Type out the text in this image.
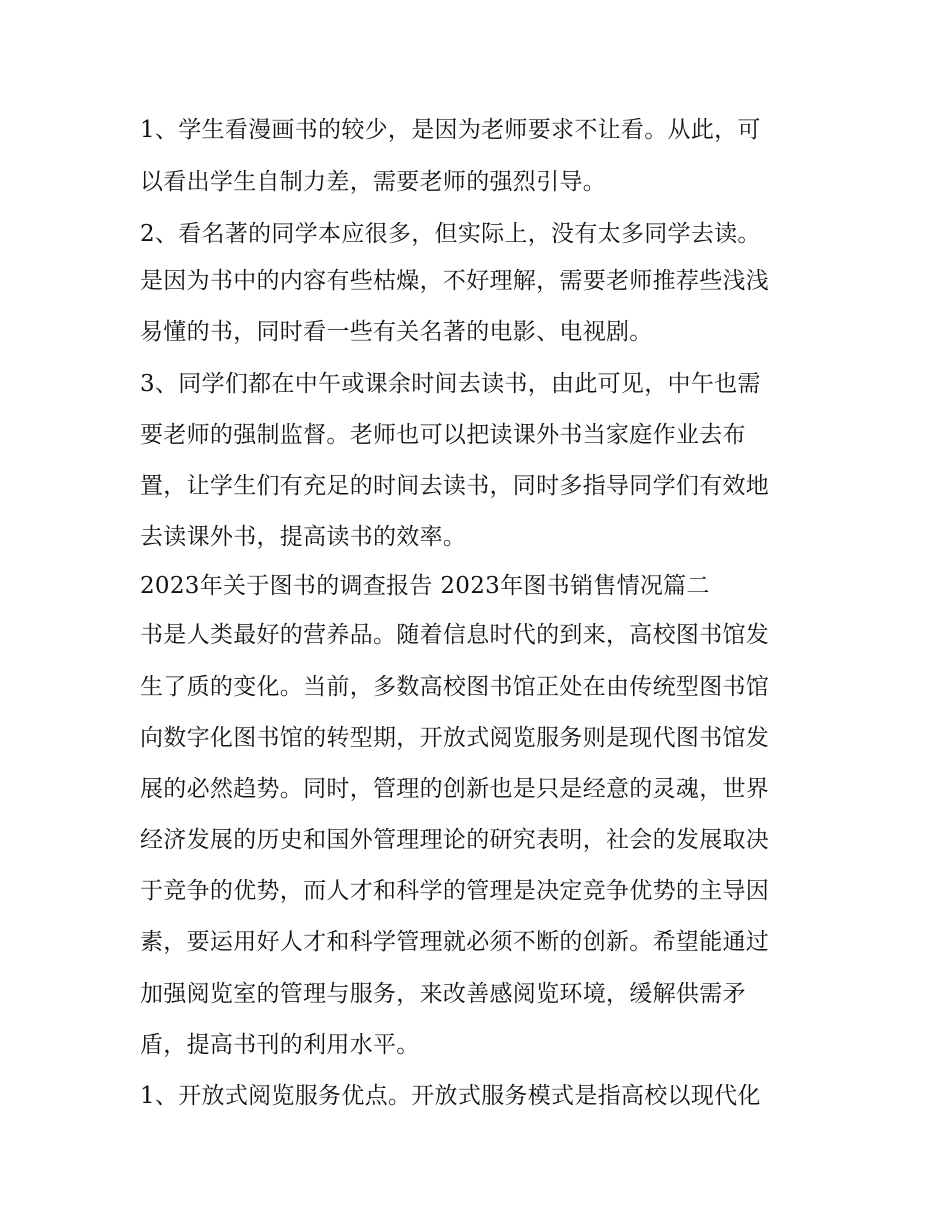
1、学生看漫画书的较少，是因为老师要求不让看。从此，可
以看出学生自制力差，需要老师的强烈引导。
2、看名著的同学本应很多，但实际上，没有太多同学去读。
是因为书中的内容有些枯燥，不好理解，需要老师推荐些浅浅
易懂的书，同时看一些有关名著的电影、电视剧。
3、同学们都在中午或课余时间去读书，由此可见，中午也需
要老师的强制监督。老师也可以把读课外书当家庭作业去布
置，让学生们有充足的时间去读书，同时多指导同学们有效地
去读课外书，提高读书的效率。
2023年关于图书的调查报告 2023年图书销售情况篇二
书是人类最好的营养品。随着信息时代的到来，高校图书馆发
生了质的变化。当前，多数高校图书馆正处在由传统型图书馆
向数字化图书馆的转型期，开放式阅览服务则是现代图书馆发
展的必然趋势。同时，管理的创新也是只是经意的灵魂，世界
经济发展的历史和国外管理理论的研究表明，社会的发展取决
于竞争的优势，而人才和科学的管理是决定竞争优势的主导因
素，要运用好人才和科学管理就必须不断的创新。希望能通过
加强阅览室的管理与服务，来改善感阅览环境，缓解供需矛
盾，提高书刊的利用水平。
1、开放式阅览服务优点。开放式服务模式是指高校以现代化
